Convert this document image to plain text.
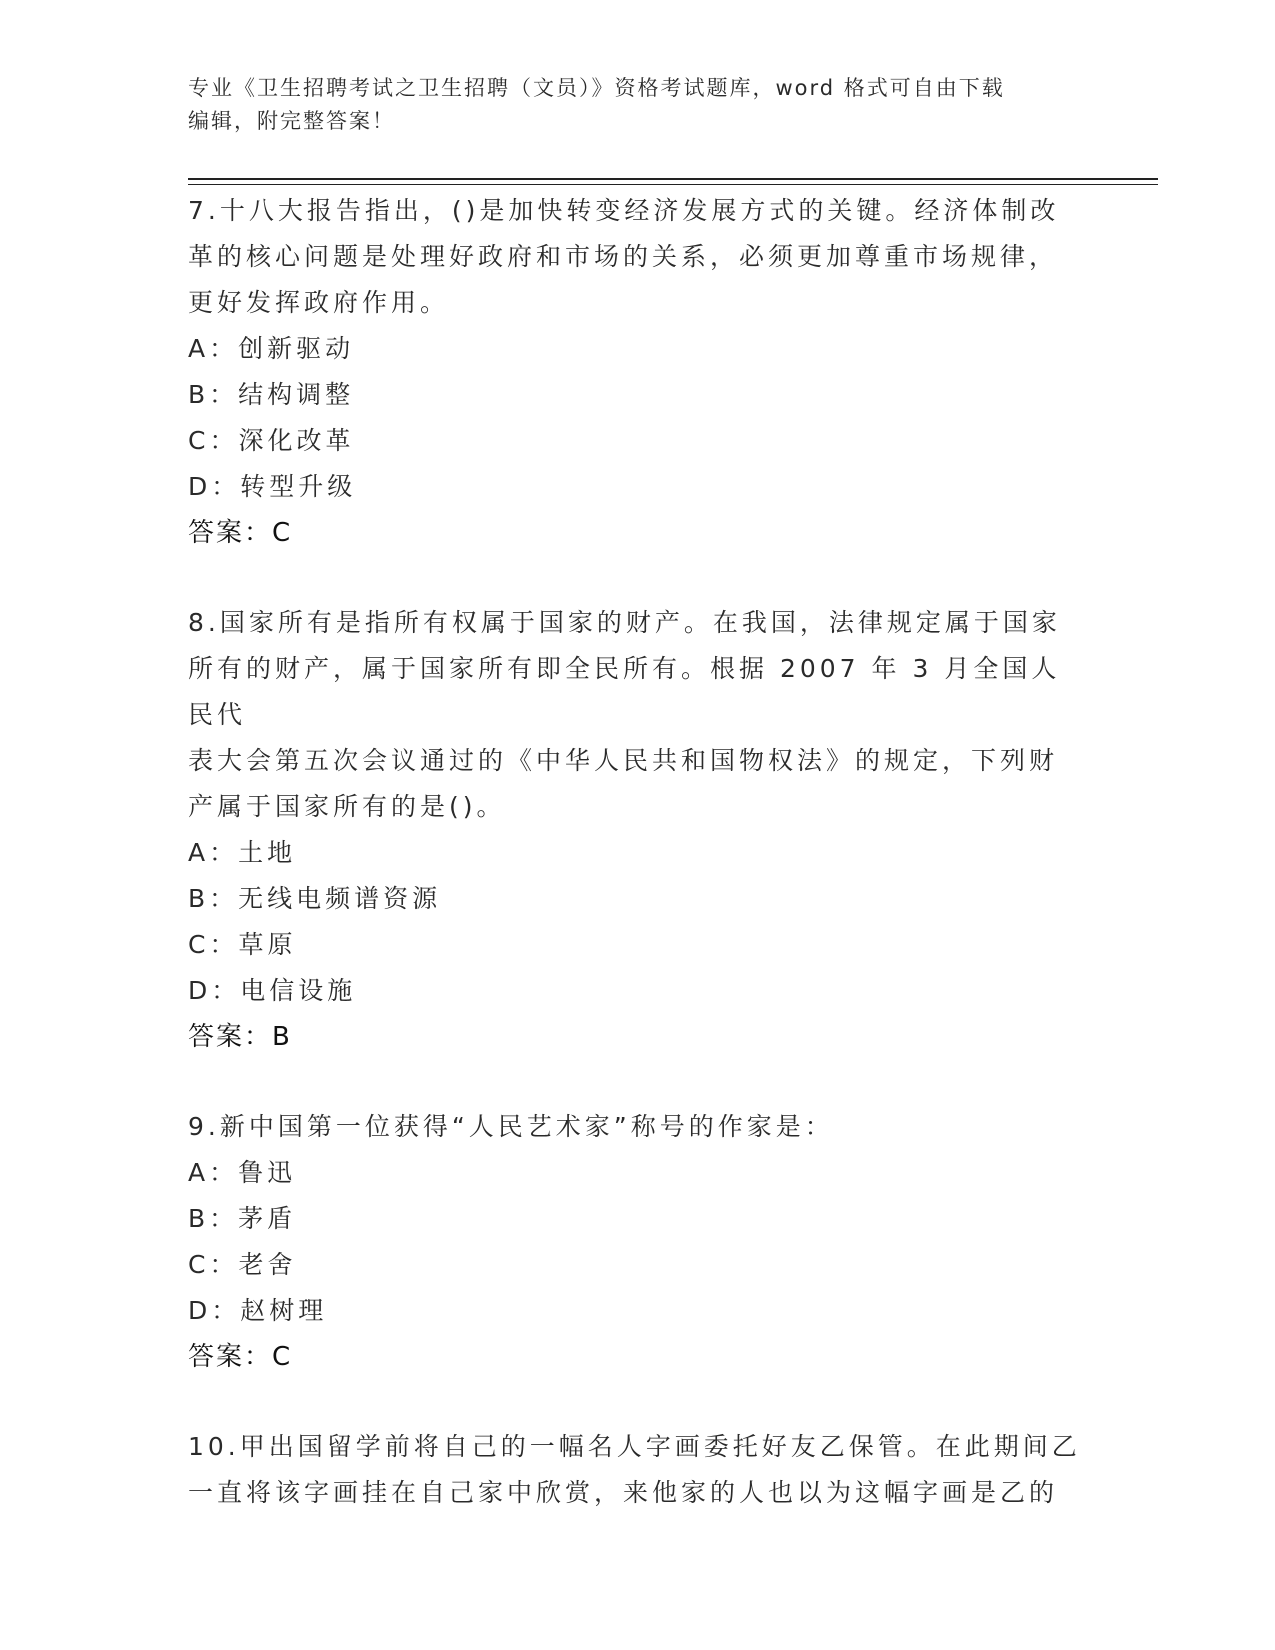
专业《卫生招聘考试之卫生招聘（文员）》资格考试题库，word 格式可自由下载
编辑，附完整答案！

7.十八大报告指出，()是加快转变经济发展方式的关键。经济体制改

革的核心问题是处理好政府和市场的关系，必须更加尊重市场规律，

更好发挥政府作用。

A：创新驱动

B：结构调整

C：深化改革

D：转型升级

答案：C

8.国家所有是指所有权属于国家的财产。在我国，法律规定属于国家

所有的财产，属于国家所有即全民所有。根据 2007 年 3 月全国人民代

表大会第五次会议通过的《中华人民共和国物权法》的规定，下列财

产属于国家所有的是()。

A：土地

B：无线电频谱资源

C：草原

D：电信设施

答案：B

9.新中国第一位获得“人民艺术家”称号的作家是：

A：鲁迅

B：茅盾

C：老舍

D：赵树理

答案：C

10.甲出国留学前将自己的一幅名人字画委托好友乙保管。在此期间乙

一直将该字画挂在自己家中欣赏，来他家的人也以为这幅字画是乙的
